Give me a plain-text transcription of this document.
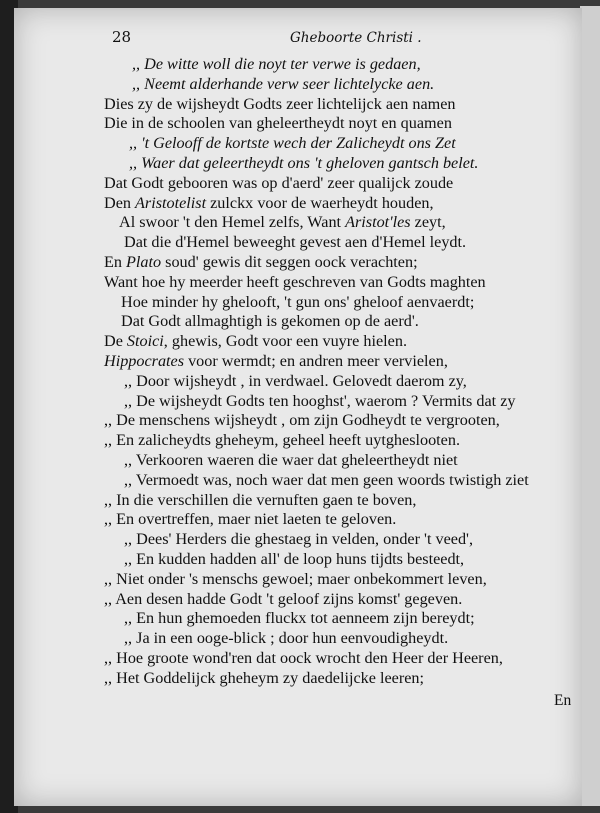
28	Gheboorte Christi .
,, De witte woll die noyt ter verwe is gedaen,
,, Neemt alderhande verw seer lichtelycke aen.
Dies zy de wijsheydt Godts zeer lichtelijck aen namen
Die in de schoolen van gheleertheydt noyt en quamen
,, 't Gelooff de kortste wech der Zalicheydt ons Zet
,, Waer dat geleertheydt ons 't gheloven gantsch belet.
Dat Godt gebooren was op d'aerd' zeer qualijck zoude
Den Aristotelist zulckx voor de waerheydt houden,
Al swoor 't den Hemel zelfs, Want Aristot'les zeyt,
Dat die d'Hemel beweeght gevest aen d'Hemel leydt.
En Plato soud' gewis dit seggen oock verachten;
Want hoe hy meerder heeft geschreven van Godts maghten
Hoe minder hy ghelooft, 't gun ons' gheloof aenvaerdt;
Dat Godt allmaghtigh is gekomen op de aerd'.
De Stoici, ghewis, Godt voor een vuyre hielen.
Hippocrates voor wermdt; en andren meer vervielen,
,, Door wijsheydt , in verdwael. Gelovedt daerom zy,
,, De wijsheydt Godts ten hooghst', waerom ? Vermits dat zy
,, De menschens wijsheydt , om zijn Godheydt te vergrooten,
,, En zalicheydts gheheym, geheel heeft uytgheslooten.
,, Verkooren waeren die waer dat gheleertheydt niet
,, Vermoedt was, noch waer dat men geen woords twistigh ziet
,, In die verschillen die vernuften gaen te boven,
,, En overtreffen, maer niet laeten te geloven.
,, Dees' Herders die ghestaeg in velden, onder 't veed',
,, En kudden hadden all' de loop huns tijdts besteedt,
,, Niet onder 's menschs gewoel; maer onbekommert leven,
,, Aen desen hadde Godt 't geloof zijns komst' gegeven.
,, En hun ghemoeden fluckx tot aenneem zijn bereydt;
,, Ja in een ooge-blick ; door hun eenvoudigheydt.
,, Hoe groote wond'ren dat oock wrocht den Heer der Heeren,
,, Het Goddelijck gheheym zy daedelijcke leeren;
En
